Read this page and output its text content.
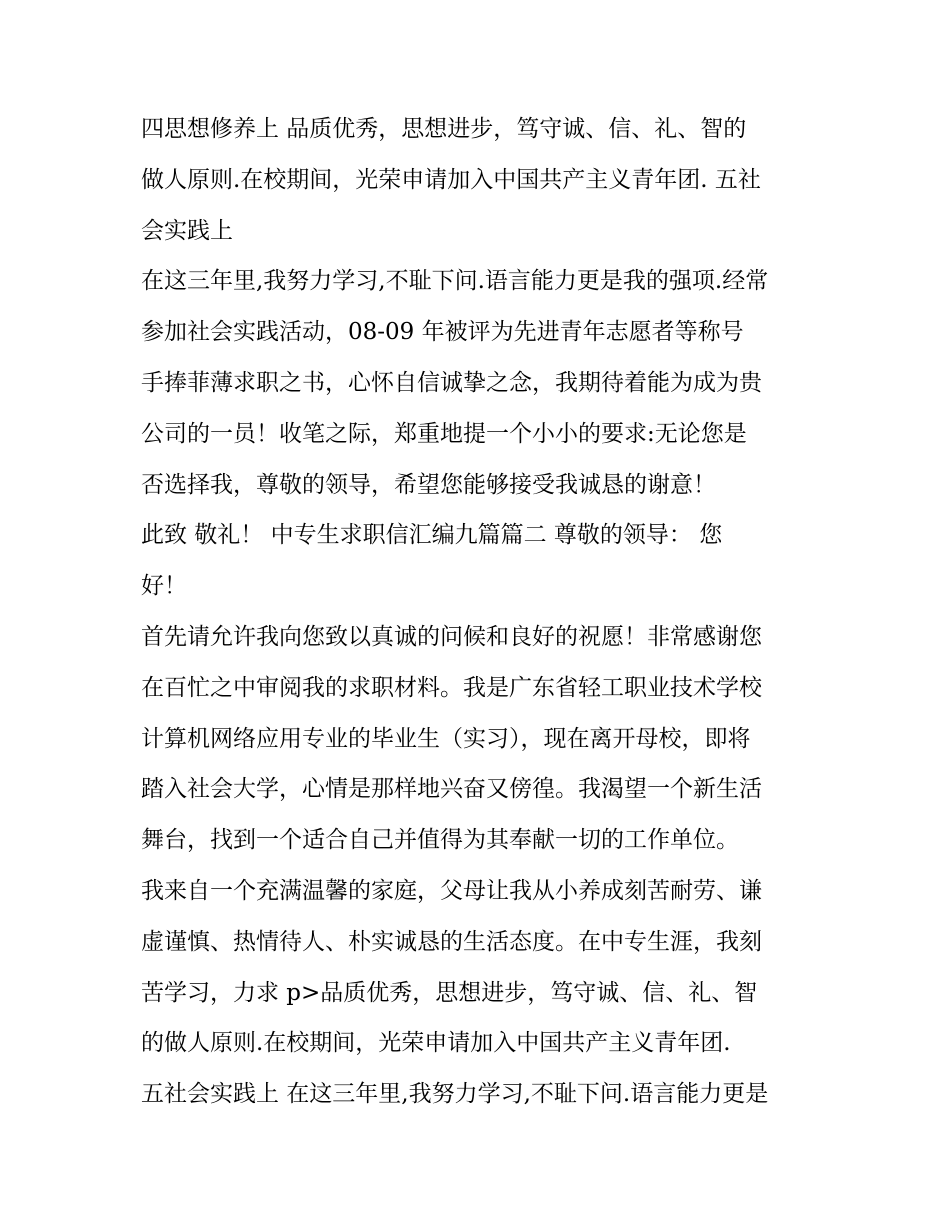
四思想修养上 品质优秀，思想进步，笃守诚、信、礼、智的
做人原则.在校期间，光荣申请加入中国共产主义青年团. 五社
会实践上
在这三年里,我努力学习,不耻下问.语言能力更是我的强项.经常
参加社会实践活动，08-09 年被评为先进青年志愿者等称号
手捧菲薄求职之书，心怀自信诚挚之念，我期待着能为成为贵
公司的一员！收笔之际，郑重地提一个小小的要求:无论您是
否选择我，尊敬的领导，希望您能够接受我诚恳的谢意！
此致 敬礼！ 中专生求职信汇编九篇篇二 尊敬的领导： 您
好！
首先请允许我向您致以真诚的问候和良好的祝愿！非常感谢您
在百忙之中审阅我的求职材料。我是广东省轻工职业技术学校
计算机网络应用专业的毕业生（实习），现在离开母校，即将
踏入社会大学，心情是那样地兴奋又傍徨。我渴望一个新生活
舞台，找到一个适合自己并值得为其奉献一切的工作单位。
我来自一个充满温馨的家庭，父母让我从小养成刻苦耐劳、谦
虚谨慎、热情待人、朴实诚恳的生活态度。在中专生涯，我刻
苦学习，力求 p>品质优秀，思想进步，笃守诚、信、礼、智
的做人原则.在校期间，光荣申请加入中国共产主义青年团.
五社会实践上 在这三年里,我努力学习,不耻下问.语言能力更是
